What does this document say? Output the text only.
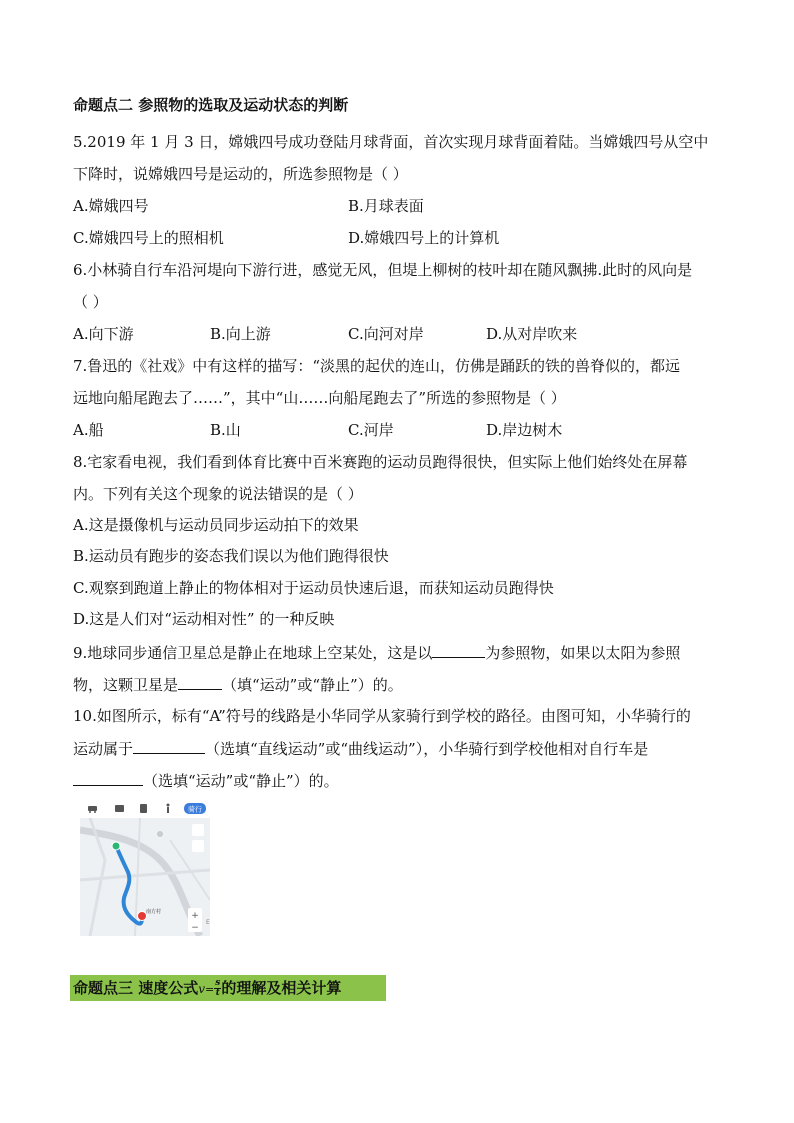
命题点二 参照物的选取及运动状态的判断
5.2019 年 1 月 3 日，嫦娥四号成功登陆月球背面，首次实现月球背面着陆。当嫦娥四号从空中
下降时，说嫦娥四号是运动的，所选参照物是（ ）
A.嫦娥四号	B.月球表面
C.嫦娥四号上的照相机	D.嫦娥四号上的计算机
6.小林骑自行车沿河堤向下游行进，感觉无风，但堤上柳树的枝叶却在随风飘拂.此时的风向是
（ ）
A.向下游	B.向上游	C.向河对岸	D.从对岸吹来
7.鲁迅的《社戏》中有这样的描写：“淡黑的起伏的连山，仿佛是踊跃的铁的兽脊似的，都远
远地向船尾跑去了……”，其中“山……向船尾跑去了”所选的参照物是（ ）
A.船	B.山	C.河岸	D.岸边树木
8.宅家看电视，我们看到体育比赛中百米赛跑的运动员跑得很快，但实际上他们始终处在屏幕
内。下列有关这个现象的说法错误的是（ ）
A.这是摄像机与运动员同步运动拍下的效果
B.运动员有跑步的姿态我们误以为他们跑得很快
C.观察到跑道上静止的物体相对于运动员快速后退，而获知运动员跑得快
D.这是人们对“运动相对性” 的一种反映
9.地球同步通信卫星总是静止在地球上空某处，这是以	为参照物，如果以太阳为参照
物，这颗卫星是	（填“运动”或“静止”）的。
10.如图所示，标有“A”符号的线路是小华同学从家骑行到学校的路径。由图可知，小华骑行的
运动属于	（选填“直线运动”或“曲线运动”），小华骑行到学校他相对自行车是
（选填“运动”或“静止”）的。
骑行
南方村	+
−
E
命题点三 速度公式$v= \frac{s}{t}$ 的理解及相关计算
